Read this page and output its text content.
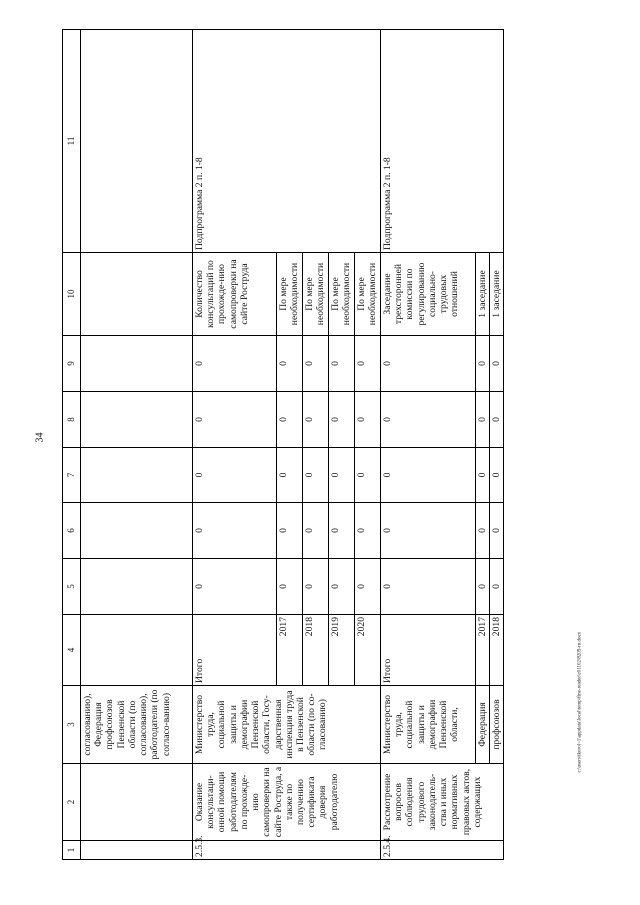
34
1	2	3	4	5	6	7	8	9	10	11
		согласованию), Федерация профсоюзов Пензенской области (по согласованию), работодатели (по согласо-ванию)								
2.5.3.	Оказание консультаци-онной помощи работодателям по прохожде-нию самопроверки на сайте Роструда, а также по получению сертификата доверия работодателю	Министерство труда, социальной защиты и демографии Пензенской области, Госу-дарственная инспекция труда в Пензенской области (по со-гласованию)	Итого	0	0	0	0	0	Количество консультаций по прохожде-нию самопроверки на сайте Роструда	Подпрограмма 2 п. 1-8
			2017	0	0	0	0	0	По мере необходимости	
			2018	0	0	0	0	0	По мере необходимости	
			2019	0	0	0	0	0	По мере необходимости	
			2020	0	0	0	0	0	По мере необходимости	
2.5.4.	Рассмотрение вопросов соблюдения трудового законодатель-ства и иных нормативных правовых актов, содержащих	Министерство труда, социальной защиты и демографии Пензенской области,	Итого	0	0	0	0	0	Заседание трехсторонней комиссии по регулированию социально-трудовых отношений	Подпрограмма 2 п. 1-8
		Федерация	2017	0	0	0	0	0	1 заседание	
		профсоюзов	2018	0	0	0	0	0	1 заседание	
c:\users\ikorol~1\appdata\local\temp\fine-reader\c01102\8209-rn.docx
